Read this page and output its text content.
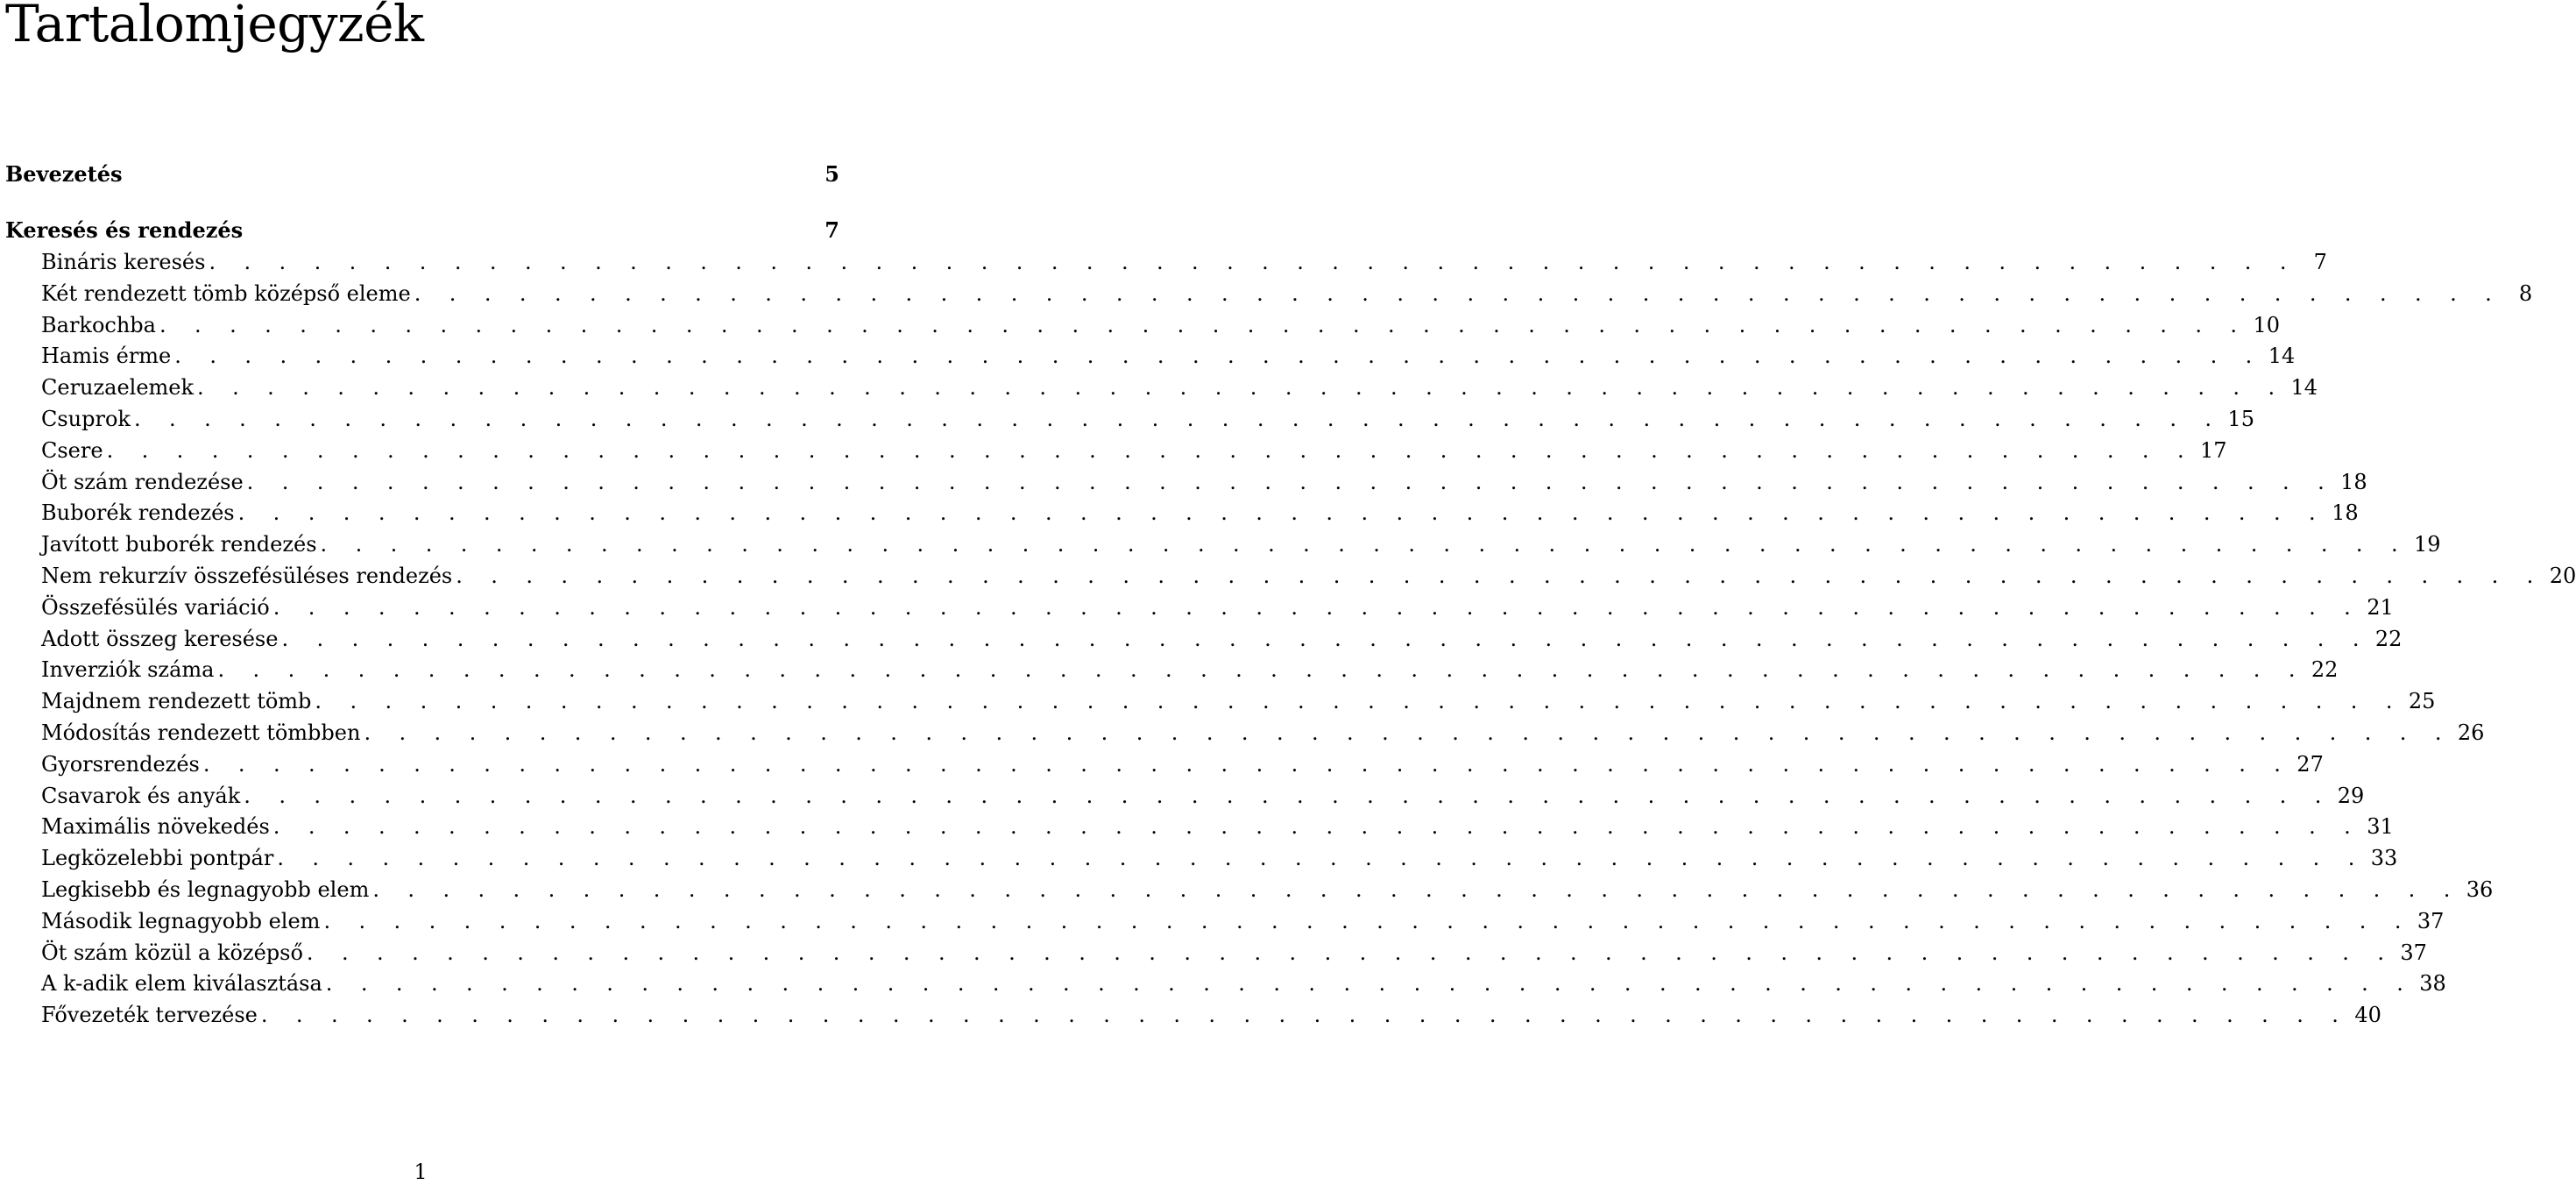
Tartalomjegyzék
Bevezetés	5
Keresés és rendezés	7
Bináris keresés . . . . . . . . . . . . . . . . . . . . . . . . . . . . . . . . . . . . . . . . . . . . . . . . . . . . . . . . . . . . 7
Két rendezett tömb középső eleme . . . . . . . . . . . . . . . . . . . . . . . . . . . . . . . . . . . . . . . . . . . . . . . . . . . . . . . . . . . . 8
Barkochba . . . . . . . . . . . . . . . . . . . . . . . . . . . . . . . . . . . . . . . . . . . . . . . . . . . . . . . . . . . . 10
Hamis érme . . . . . . . . . . . . . . . . . . . . . . . . . . . . . . . . . . . . . . . . . . . . . . . . . . . . . . . . . . . . 14
Ceruzaelemek . . . . . . . . . . . . . . . . . . . . . . . . . . . . . . . . . . . . . . . . . . . . . . . . . . . . . . . . . . . . 14
Csuprok . . . . . . . . . . . . . . . . . . . . . . . . . . . . . . . . . . . . . . . . . . . . . . . . . . . . . . . . . . . . 15
Csere . . . . . . . . . . . . . . . . . . . . . . . . . . . . . . . . . . . . . . . . . . . . . . . . . . . . . . . . . . . . 17
Öt szám rendezése . . . . . . . . . . . . . . . . . . . . . . . . . . . . . . . . . . . . . . . . . . . . . . . . . . . . . . . . . . . . 18
Buborék rendezés . . . . . . . . . . . . . . . . . . . . . . . . . . . . . . . . . . . . . . . . . . . . . . . . . . . . . . . . . . . . 18
Javított buborék rendezés . . . . . . . . . . . . . . . . . . . . . . . . . . . . . . . . . . . . . . . . . . . . . . . . . . . . . . . . . . . . 19
Nem rekurzív összefésüléses rendezés . . . . . . . . . . . . . . . . . . . . . . . . . . . . . . . . . . . . . . . . . . . . . . . . . . . . . . . . . . . . 20
Összefésülés variáció . . . . . . . . . . . . . . . . . . . . . . . . . . . . . . . . . . . . . . . . . . . . . . . . . . . . . . . . . . . . 21
Adott összeg keresése . . . . . . . . . . . . . . . . . . . . . . . . . . . . . . . . . . . . . . . . . . . . . . . . . . . . . . . . . . . . 22
Inverziók száma . . . . . . . . . . . . . . . . . . . . . . . . . . . . . . . . . . . . . . . . . . . . . . . . . . . . . . . . . . . . 22
Majdnem rendezett tömb . . . . . . . . . . . . . . . . . . . . . . . . . . . . . . . . . . . . . . . . . . . . . . . . . . . . . . . . . . . . 25
Módosítás rendezett tömbben . . . . . . . . . . . . . . . . . . . . . . . . . . . . . . . . . . . . . . . . . . . . . . . . . . . . . . . . . . . . 26
Gyorsrendezés . . . . . . . . . . . . . . . . . . . . . . . . . . . . . . . . . . . . . . . . . . . . . . . . . . . . . . . . . . . . 27
Csavarok és anyák . . . . . . . . . . . . . . . . . . . . . . . . . . . . . . . . . . . . . . . . . . . . . . . . . . . . . . . . . . . . 29
Maximális növekedés . . . . . . . . . . . . . . . . . . . . . . . . . . . . . . . . . . . . . . . . . . . . . . . . . . . . . . . . . . . . 31
Legközelebbi pontpár . . . . . . . . . . . . . . . . . . . . . . . . . . . . . . . . . . . . . . . . . . . . . . . . . . . . . . . . . . . . 33
Legkisebb és legnagyobb elem . . . . . . . . . . . . . . . . . . . . . . . . . . . . . . . . . . . . . . . . . . . . . . . . . . . . . . . . . . . . 36
Második legnagyobb elem . . . . . . . . . . . . . . . . . . . . . . . . . . . . . . . . . . . . . . . . . . . . . . . . . . . . . . . . . . . . 37
Öt szám közül a középső . . . . . . . . . . . . . . . . . . . . . . . . . . . . . . . . . . . . . . . . . . . . . . . . . . . . . . . . . . . . 37
A k-adik elem kiválasztása . . . . . . . . . . . . . . . . . . . . . . . . . . . . . . . . . . . . . . . . . . . . . . . . . . . . . . . . . . . . 38
Fővezeték tervezése . . . . . . . . . . . . . . . . . . . . . . . . . . . . . . . . . . . . . . . . . . . . . . . . . . . . . . . . . . . . 40
1
